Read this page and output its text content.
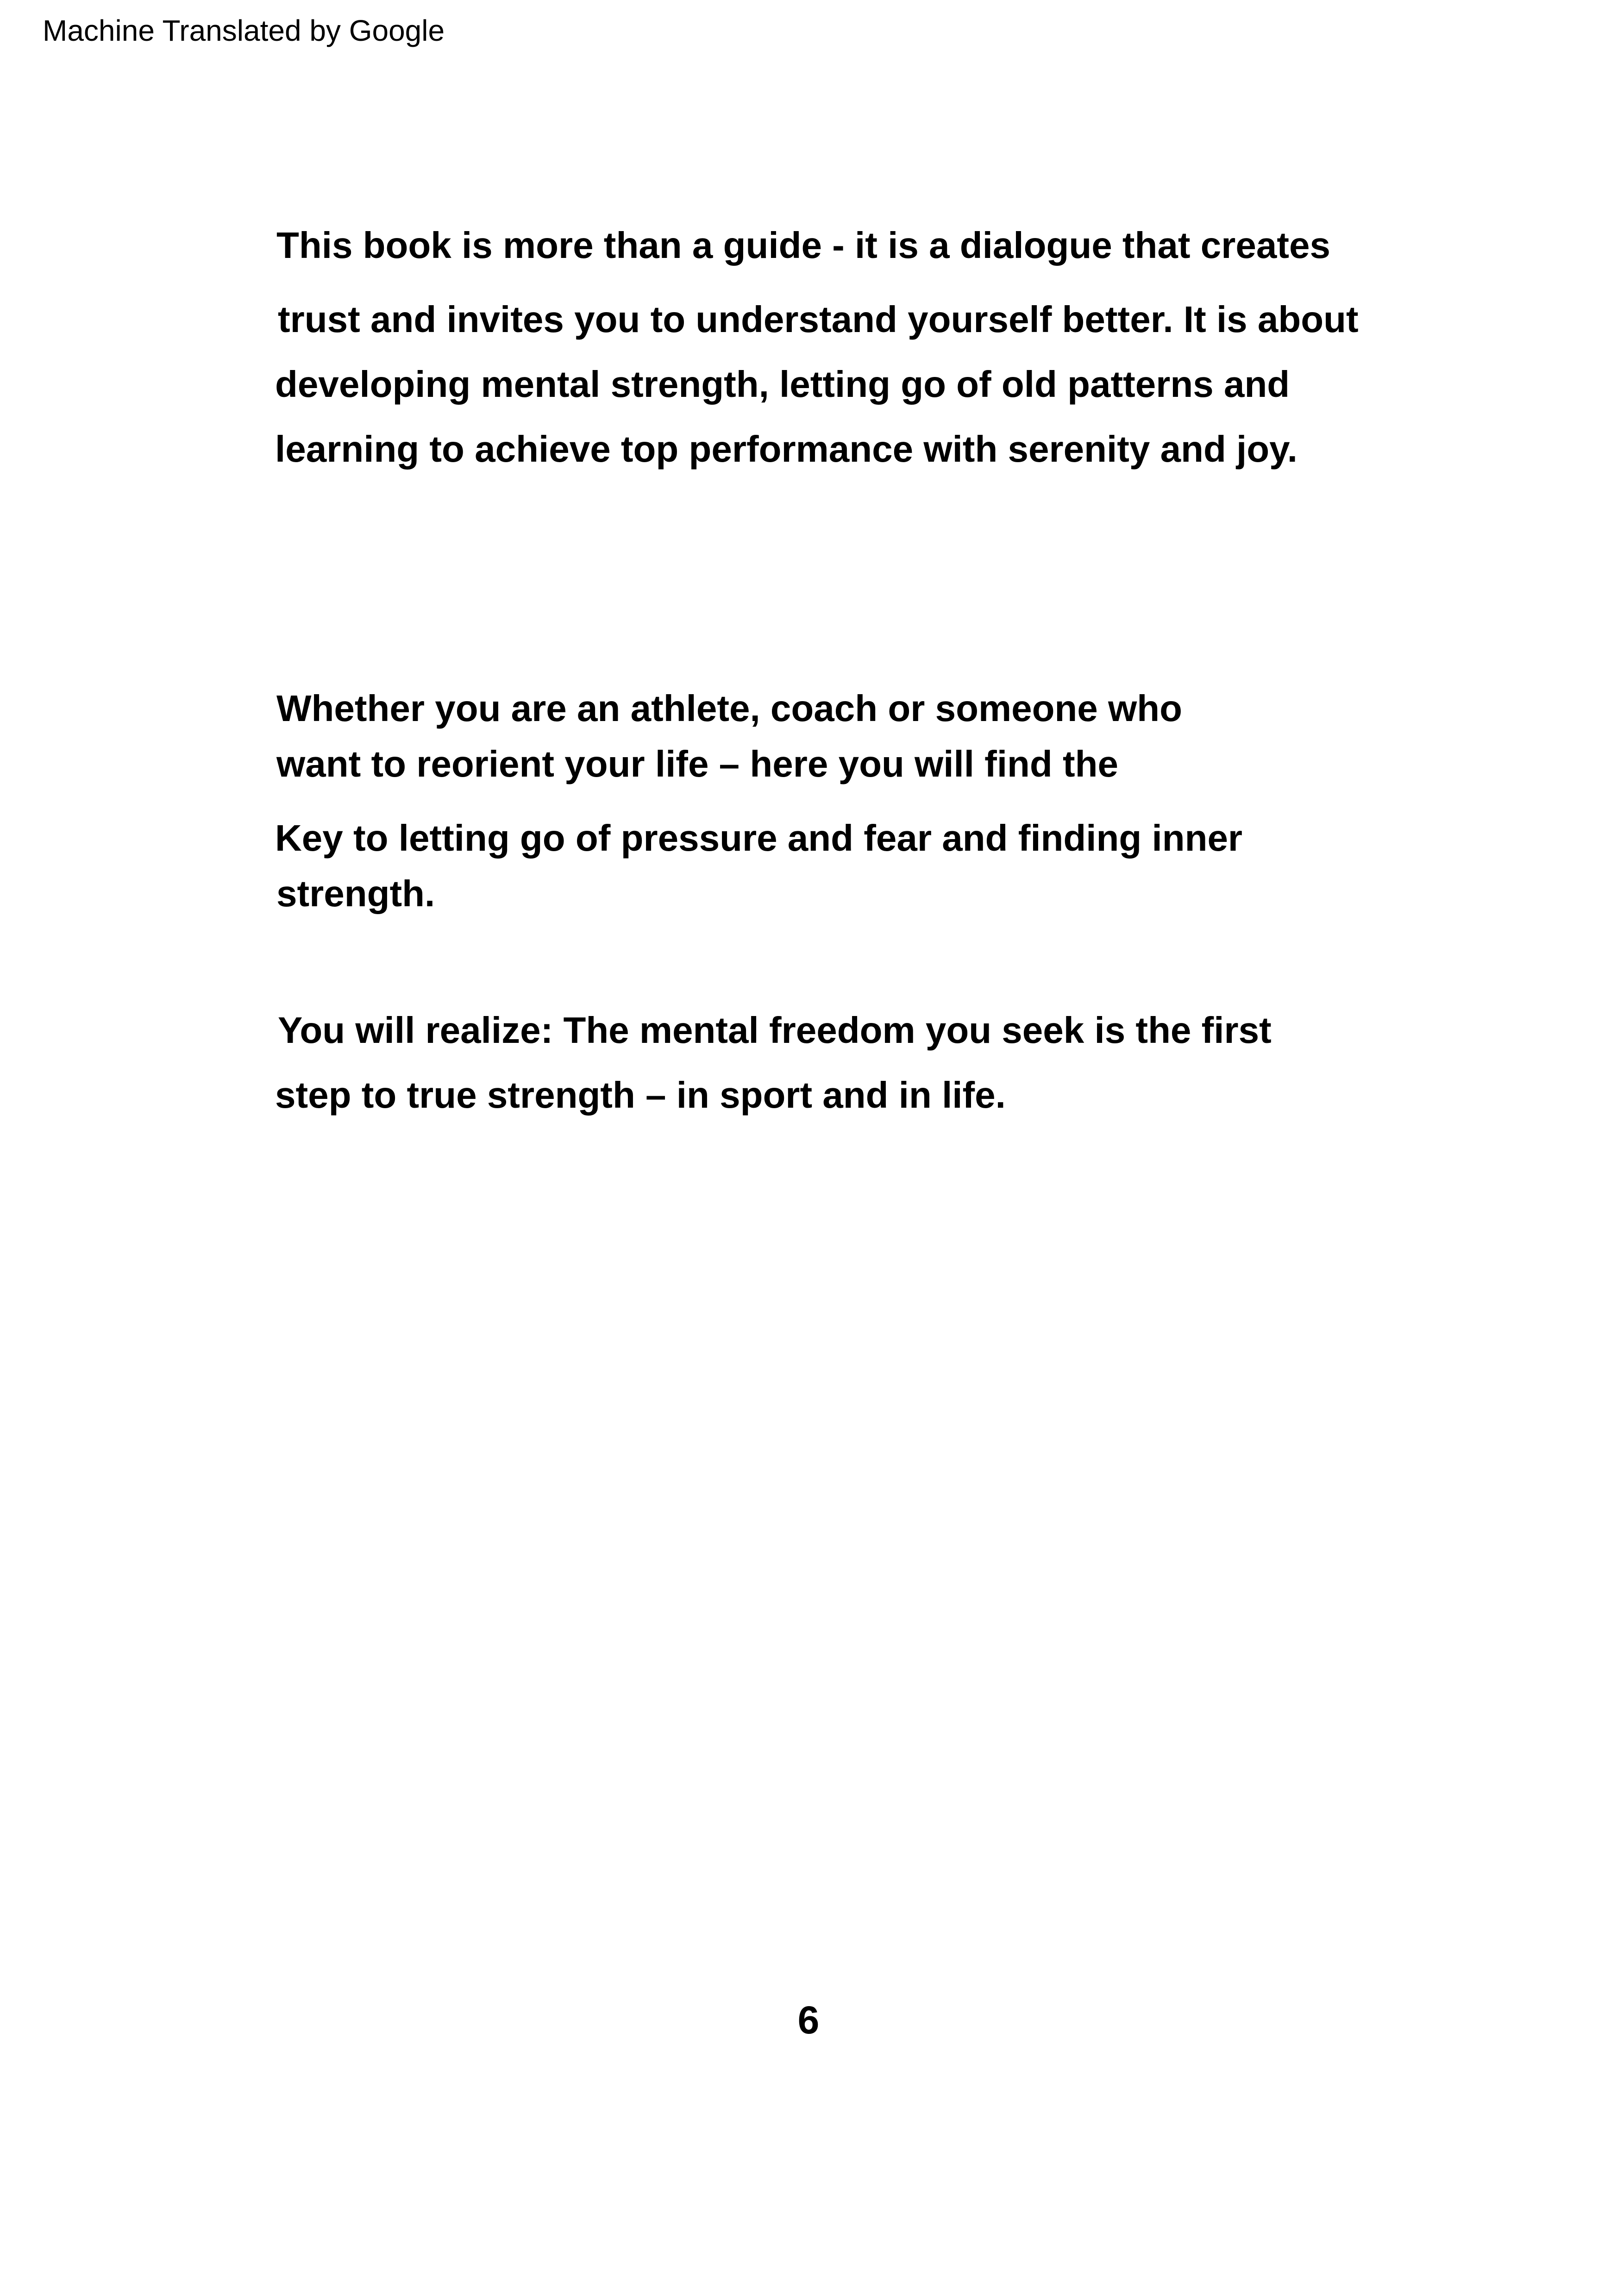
Machine Translated by Google
This book is more than a guide - it is a dialogue that creates
trust and invites you to understand yourself better. It is about
developing mental strength, letting go of old patterns and
learning to achieve top performance with serenity and joy.
Whether you are an athlete, coach or someone who
want to reorient your life – here you will find the
Key to letting go of pressure and fear and finding inner
strength.
You will realize: The mental freedom you seek is the first
step to true strength – in sport and in life.
6
